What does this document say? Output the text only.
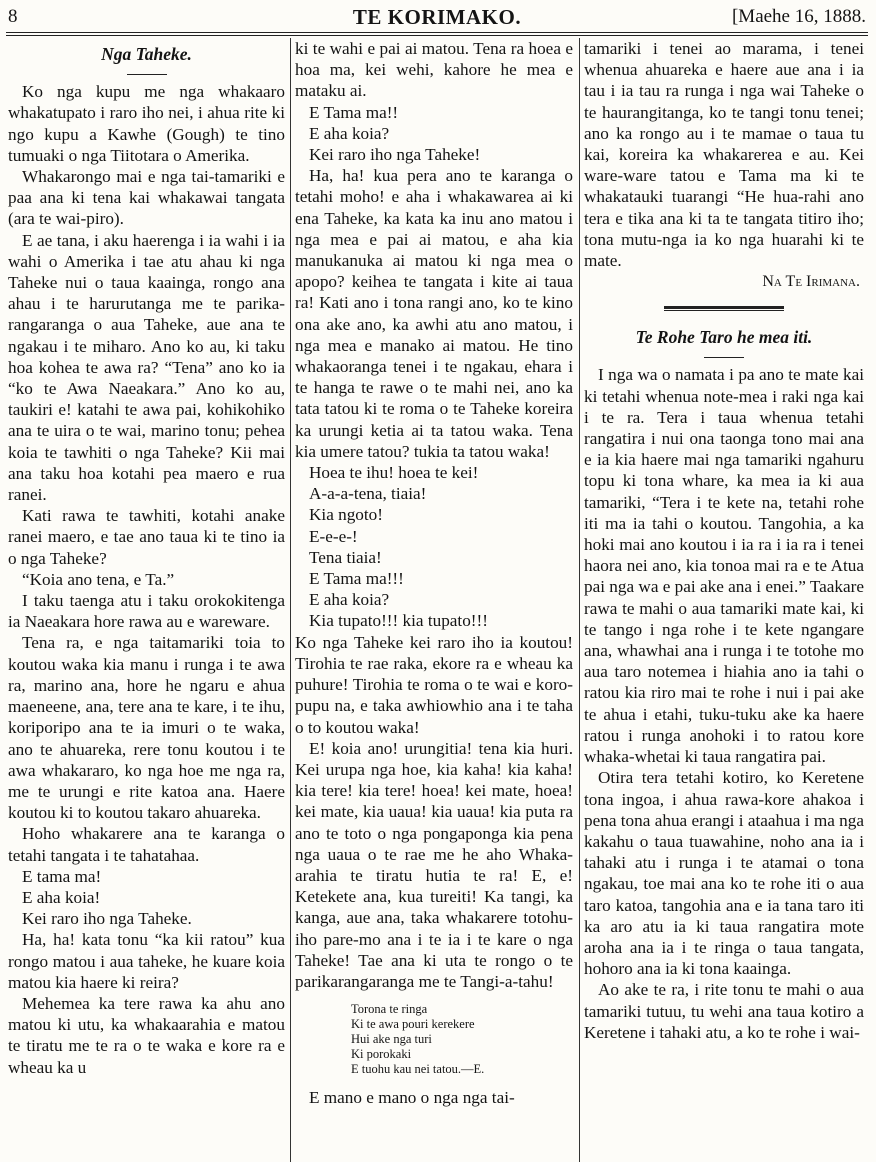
8	TE KORIMAKO.	[Maehe 16, 1888.
Nga Taheke.

Ko nga kupu me nga whakaaro whakatupato i raro iho nei, i ahua rite ki ngo kupu a Kawhe (Gough) te tino tumuaki o nga Tiitotara o Amerika.

Whakarongo mai e nga tai-tamariki e paa ana ki tena kai whakawai tangata (ara te wai-piro).

E ae tana, i aku haerenga i ia wahi i ia wahi o Amerika i tae atu ahau ki nga Taheke nui o taua kaainga, rongo ana ahau i te harurutanga me te parika-rangaranga o aua Taheke, aue ana te ngakau i te miharo. Ano ko au, ki taku hoa kohea te awa ra? “Tena” ano ko ia “ko te Awa Naeakara.” Ano ko au, taukiri e! katahi te awa pai, kohikohiko ana te uira o te wai, marino tonu; pehea koia te tawhiti o nga Taheke? Kii mai ana taku hoa kotahi pea maero e rua ranei.

Kati rawa te tawhiti, kotahi anake ranei maero, e tae ano taua ki te tino ia o nga Taheke?

“Koia ano tena, e Ta.”

I taku taenga atu i taku orokokitenga ia Naeakara hore rawa au e wareware.

Tena ra, e nga taitamariki toia to koutou waka kia manu i runga i te awa ra, marino ana, hore he ngaru e ahua maeneene, ana, tere ana te kare, i te ihu, koriporipo ana te ia imuri o te waka, ano te ahuareka, rere tonu koutou i te awa whakararo, ko nga hoe me nga ra, me te urungi e rite katoa ana. Haere koutou ki to koutou takaro ahuareka.

Hoho whakarere ana te karanga o tetahi tangata i te tahatahaa.

E tama ma!
E aha koia!
Kei raro iho nga Taheke.

Ha, ha! kata tonu “ka kii ratou” kua rongo matou i aua taheke, he kuare koia matou kia haere ki reira?

Mehemea ka tere rawa ka ahu ano matou ki utu, ka whakaarahia e matou te tiratu me te ra o te waka e kore ra e wheau ka u

ki te wahi e pai ai matou. Tena ra hoea e hoa ma, kei wehi, kahore he mea e mataku ai.

E Tama ma!!
E aha koia?
Kei raro iho nga Taheke!

Ha, ha! kua pera ano te karanga o tetahi moho! e aha i whakawarea ai ki ena Taheke, ka kata ka inu ano matou i nga mea e pai ai matou, e aha kia manukanuka ai matou ki nga mea o apopo? keihea te tangata i kite ai taua ra! Kati ano i tona rangi ano, ko te kino ona ake ano, ka awhi atu ano matou, i nga mea e manako ai matou. He tino whakaoranga tenei i te ngakau, ehara i te hanga te rawe o te mahi nei, ano ka tata tatou ki te roma o te Taheke koreira ka urungi ketia ai ta tatou waka. Tena kia umere tatou? tukia ta tatou waka!

Hoea te ihu! hoea te kei!
A-a-a-tena, tiaia!
Kia ngoto!
E-e-e-!
Tena tiaia!
E Tama ma!!!
E aha koia?
Kia tupato!!! kia tupato!!!

Ko nga Taheke kei raro iho ia koutou! Tirohia te rae raka, ekore ra e wheau ka puhure! Tirohia te roma o te wai e koro-pupu na, e taka awhiowhio ana i te taha o to koutou waka!

E! koia ano! urungitia! tena kia huri. Kei urupa nga hoe, kia kaha! kia kaha! kia tere! kia tere! hoea! kei mate, hoea! kei mate, kia uaua! kia uaua! kia puta ra ano te toto o nga pongaponga kia pena nga uaua o te rae me he aho Whaka-arahia te tiratu hutia te ra! E, e! Ketekete ana, kua tureiti! Ka tangi, ka kanga, aue ana, taka whakarere totohu-iho pare-mo ana i te ia i te kare o nga Taheke! Tae ana ki uta te rongo o te parikarangaranga me te Tangi-a-tahu!

Torona te ringa
Ki te awa pouri kerekere
Hui ake nga turi
Ki porokaki
E tuohu kau nei tatou.—E.

E mano e mano o nga nga tai-

tamariki i tenei ao marama, i tenei whenua ahuareka e haere aue ana i ia tau i ia tau ra runga i nga wai Taheke o te haurangitanga, ko te tangi tonu tenei; ano ka rongo au i te mamae o taua tu kai, koreira ka whakarerea e au. Kei ware-ware tatou e Tama ma ki te whakatauki tuarangi “He hua-rahi ano tera e tika ana ki ta te tangata titiro iho; tona mutu-nga ia ko nga huarahi ki te mate.

Na Te Irimana.
Te Rohe Taro he mea iti.

I nga wa o namata i pa ano te mate kai ki tetahi whenua note-mea i raki nga kai i te ra. Tera i taua whenua tetahi rangatira i nui ona taonga tono mai ana e ia kia haere mai nga tamariki ngahuru topu ki tona whare, ka mea ia ki aua tamariki, “Tera i te kete na, tetahi rohe iti ma ia tahi o koutou. Tangohia, a ka hoki mai ano koutou i ia ra i ia ra i tenei haora nei ano, kia tonoa mai ra e te Atua pai nga wa e pai ake ana i enei.” Taakare rawa te mahi o aua tamariki mate kai, ki te tango i nga rohe i te kete ngangare ana, whawhai ana i runga i te totohe mo aua taro notemea i hiahia ano ia tahi o ratou kia riro mai te rohe i nui i pai ake te ahua i etahi, tuku-tuku ake ka haere ratou i runga anohoki i to ratou kore whaka-whetai ki taua rangatira pai.

Otira tera tetahi kotiro, ko Keretene tona ingoa, i ahua rawa-kore ahakoa i pena tona ahua erangi i ataahua i ma nga kakahu o taua tuawahine, noho ana ia i tahaki atu i runga i te atamai o tona ngakau, toe mai ana ko te rohe iti o aua taro katoa, tangohia ana e ia tana taro iti ka aro atu ia ki taua rangatira mote aroha ana ia i te ringa o taua tangata, hohoro ana ia ki tona kaainga.

Ao ake te ra, i rite tonu te mahi o aua tamariki tutuu, tu wehi ana taua kotiro a Keretene i tahaki atu, a ko te rohe i wai-
